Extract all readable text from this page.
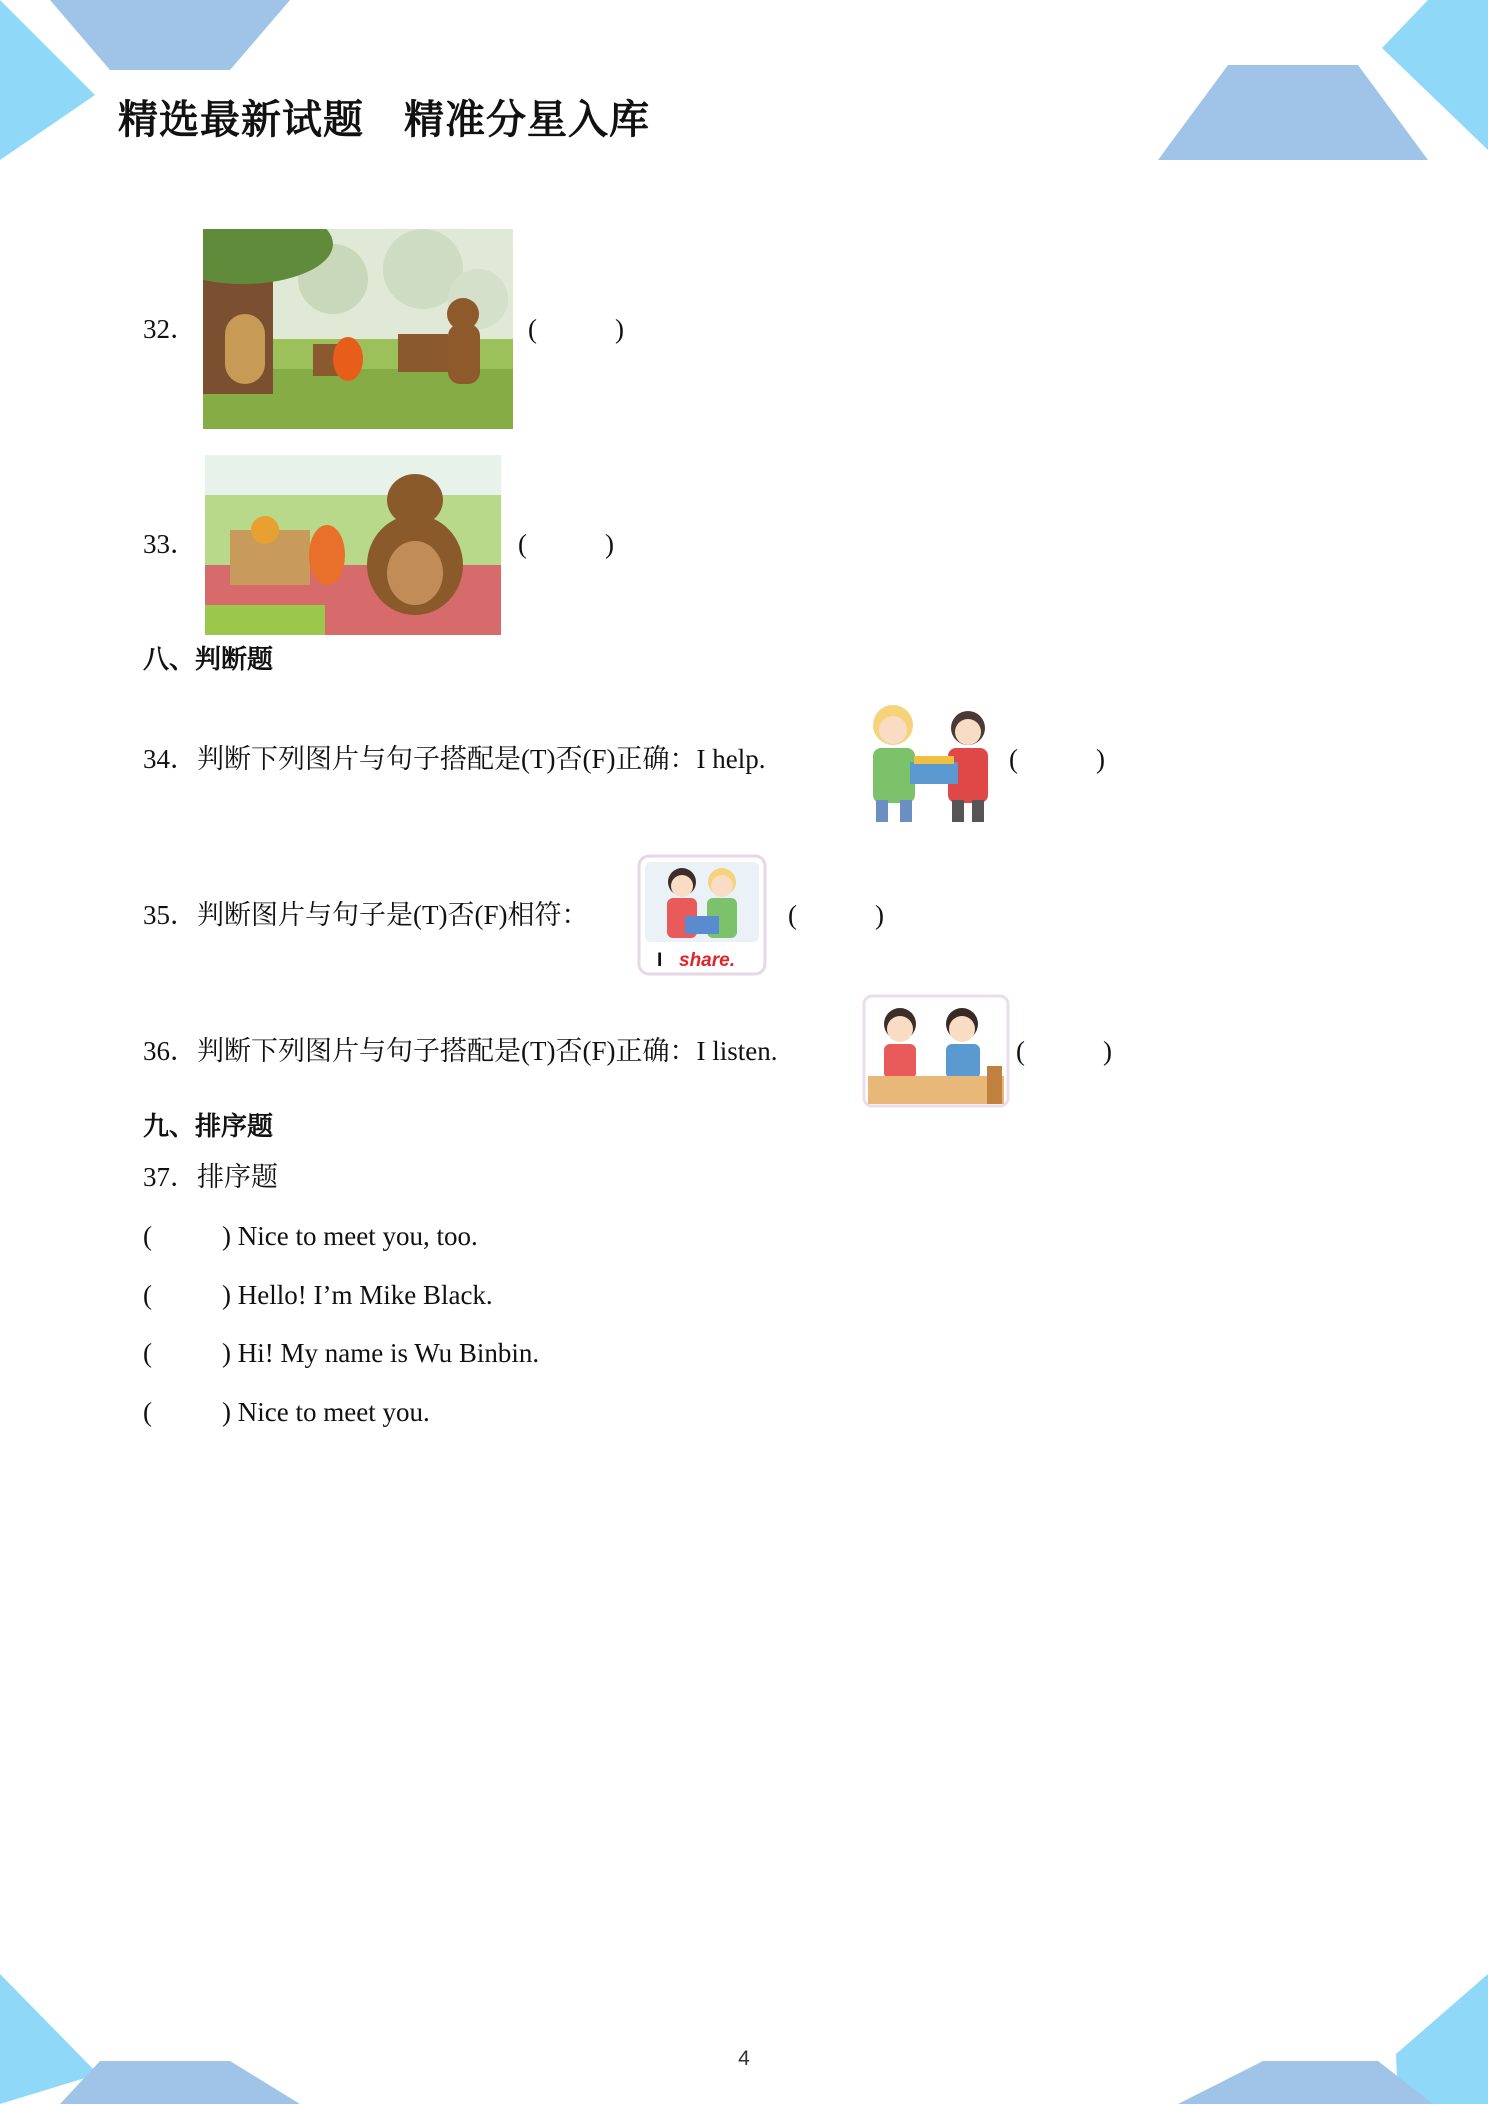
精选最新试题 精准分星入库
32．	(	)
33．	(	)
八、判断题
34．判断下列图片与句子搭配是(T)否(F)正确：I help.	(	)
35．判断图片与句子是(T)否(F)相符：
I share.
(	)
36．判断下列图片与句子搭配是(T)否(F)正确：I listen.	(	)
九、排序题
37．排序题
(	) Nice to meet you, too.
(	) Hello! I’m Mike Black.
(	) Hi! My name is Wu Binbin.
(	) Nice to meet you.
4
